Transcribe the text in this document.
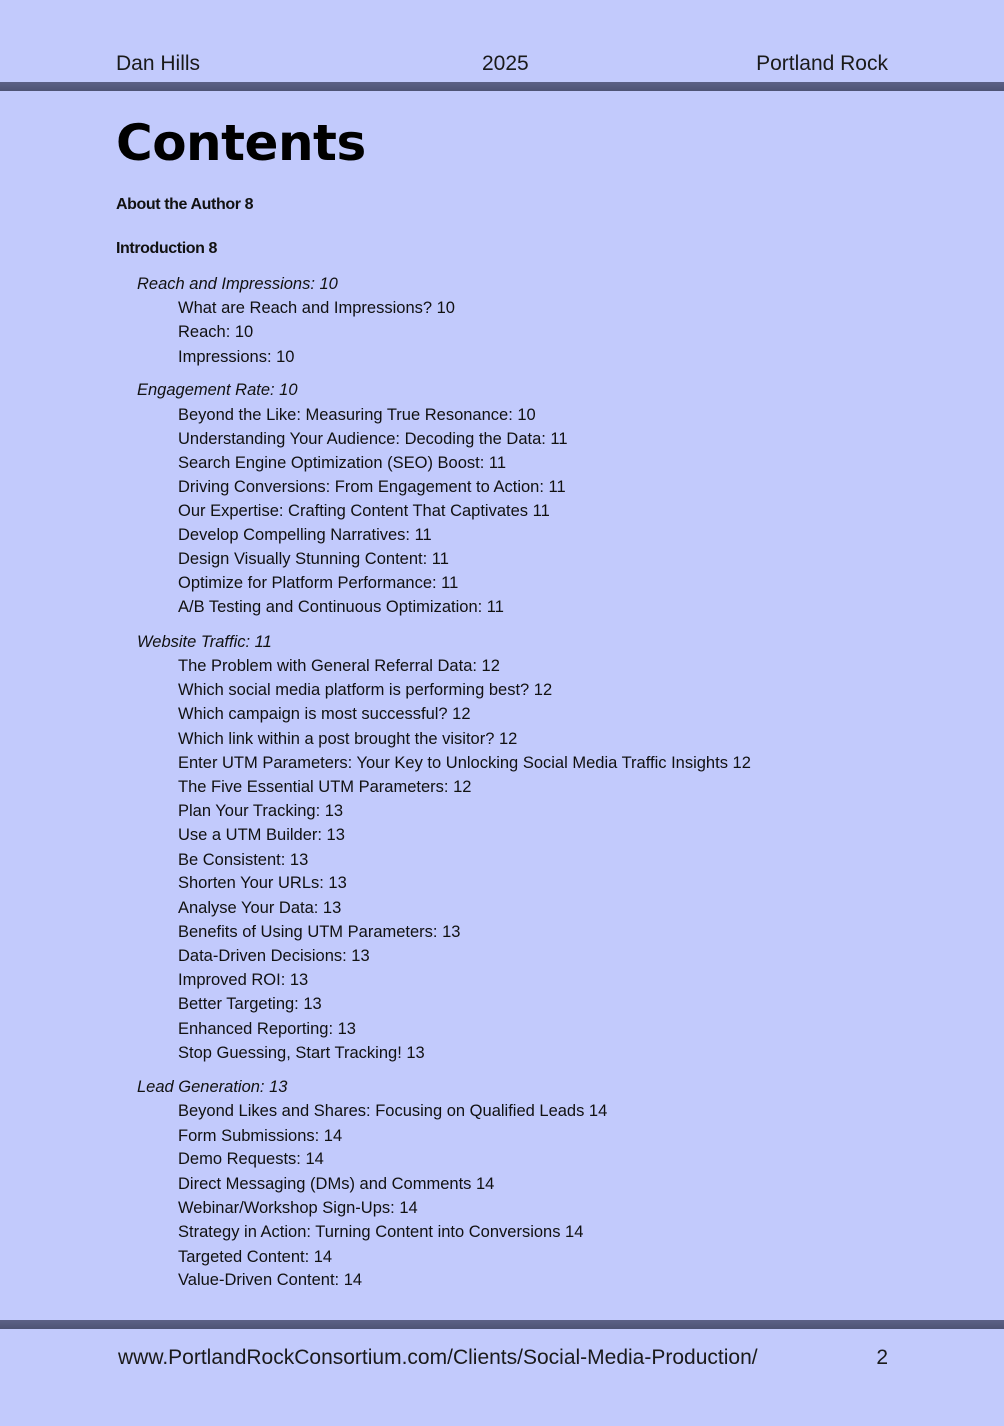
Dan Hills	2025	Portland Rock
Contents
About the Author 8
Introduction 8
Reach and Impressions: 10
What are Reach and Impressions? 10
Reach: 10
Impressions: 10
Engagement Rate: 10
Beyond the Like: Measuring True Resonance: 10
Understanding Your Audience: Decoding the Data: 11
Search Engine Optimization (SEO) Boost: 11
Driving Conversions: From Engagement to Action: 11
Our Expertise: Crafting Content That Captivates 11
Develop Compelling Narratives: 11
Design Visually Stunning Content: 11
Optimize for Platform Performance: 11
A/B Testing and Continuous Optimization: 11
Website Traffic: 11
The Problem with General Referral Data: 12
Which social media platform is performing best? 12
Which campaign is most successful? 12
Which link within a post brought the visitor? 12
Enter UTM Parameters: Your Key to Unlocking Social Media Traffic Insights 12
The Five Essential UTM Parameters: 12
Plan Your Tracking: 13
Use a UTM Builder: 13
Be Consistent: 13
Shorten Your URLs: 13
Analyse Your Data: 13
Benefits of Using UTM Parameters: 13
Data-Driven Decisions: 13
Improved ROI: 13
Better Targeting: 13
Enhanced Reporting: 13
Stop Guessing, Start Tracking! 13
Lead Generation: 13
Beyond Likes and Shares: Focusing on Qualified Leads 14
Form Submissions: 14
Demo Requests: 14
Direct Messaging (DMs) and Comments 14
Webinar/Workshop Sign-Ups: 14
Strategy in Action: Turning Content into Conversions 14
Targeted Content: 14
Value-Driven Content: 14
www.PortlandRockConsortium.com/Clients/Social-Media-Production/	2
